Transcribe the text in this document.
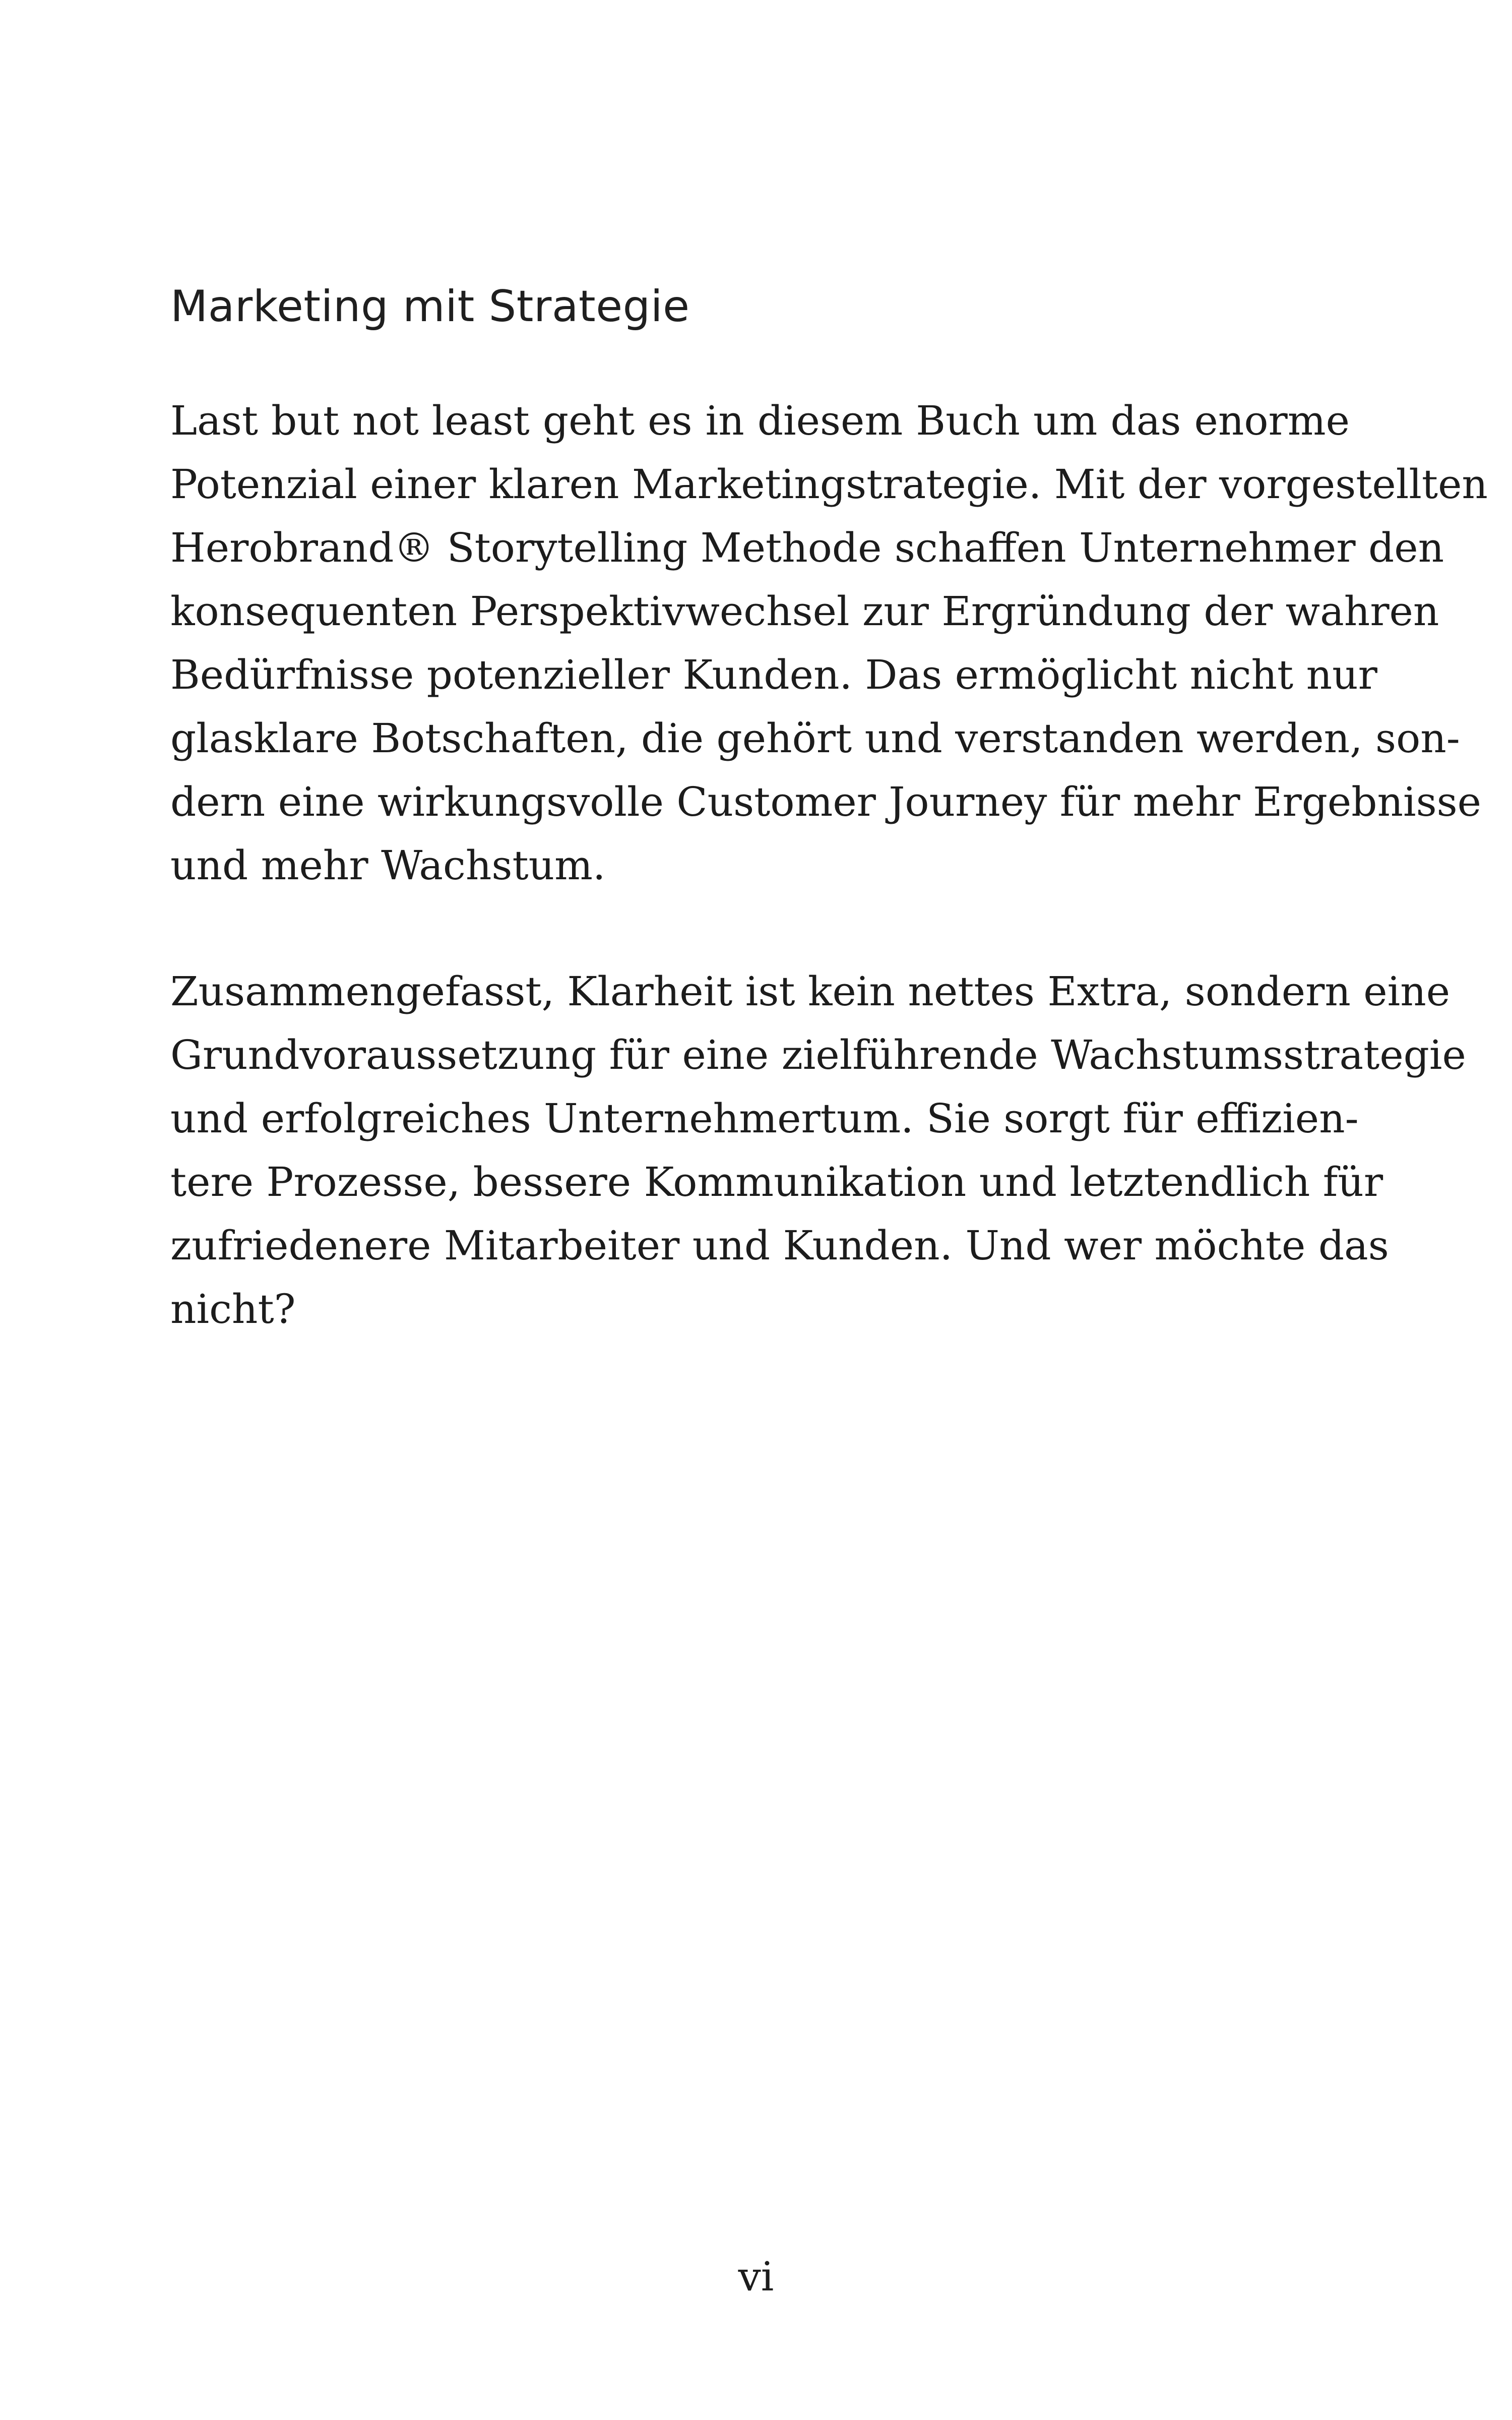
Marketing mit Strategie
Last but not least geht es in diesem Buch um das enorme
Potenzial einer klaren Marketingstrategie. Mit der vorgestellten
Herobrand® Storytelling Methode schaffen Unternehmer den
konsequenten Perspektivwechsel zur Ergründung der wahren
Bedürfnisse potenzieller Kunden. Das ermöglicht nicht nur
glasklare Botschaften, die gehört und verstanden werden, son-
dern eine wirkungsvolle Customer Journey für mehr Ergebnisse
und mehr Wachstum.
Zusammengefasst, Klarheit ist kein nettes Extra, sondern eine
Grundvoraussetzung für eine zielführende Wachstumsstrategie
und erfolgreiches Unternehmertum. Sie sorgt für effizien-
tere Prozesse, bessere Kommunikation und letztendlich für
zufriedenere Mitarbeiter und Kunden. Und wer möchte das
nicht?
vi
